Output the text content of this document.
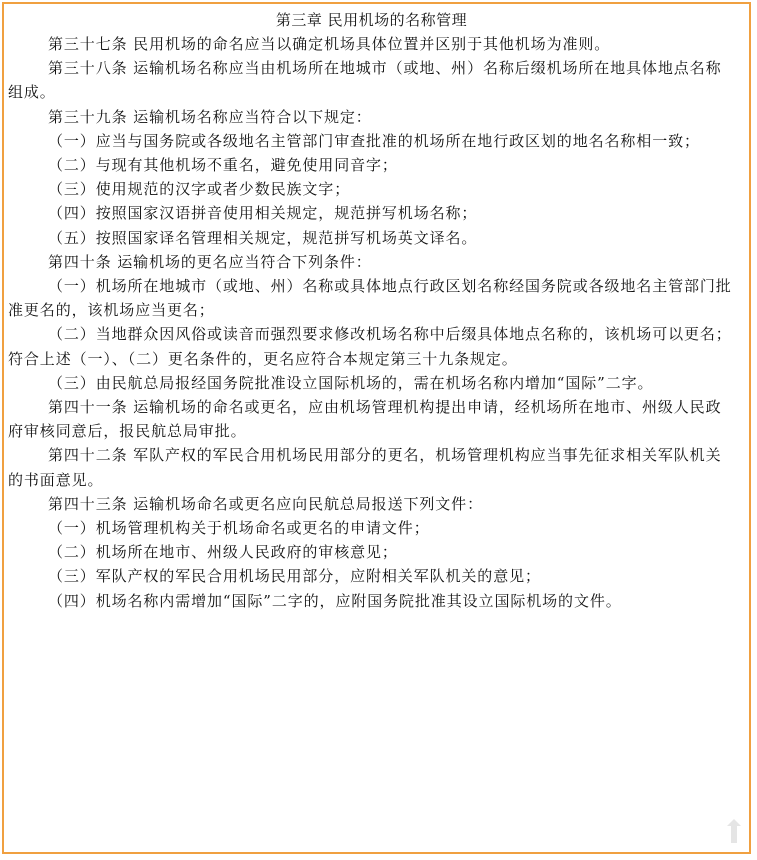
第三章 民用机场的名称管理

第三十七条 民用机场的命名应当以确定机场具体位置并区别于其他机场为准则。

第三十八条 运输机场名称应当由机场所在地城市（或地、州）名称后缀机场所在地具体地点名称组成。

第三十九条 运输机场名称应当符合以下规定：

（一）应当与国务院或各级地名主管部门审查批准的机场所在地行政区划的地名名称相一致；

（二）与现有其他机场不重名，避免使用同音字；

（三）使用规范的汉字或者少数民族文字；

（四）按照国家汉语拼音使用相关规定，规范拼写机场名称；

（五）按照国家译名管理相关规定，规范拼写机场英文译名。

第四十条 运输机场的更名应当符合下列条件：

（一）机场所在地城市（或地、州）名称或具体地点行政区划名称经国务院或各级地名主管部门批准更名的，该机场应当更名；

（二）当地群众因风俗或读音而强烈要求修改机场名称中后缀具体地点名称的，该机场可以更名；

符合上述（一）、（二）更名条件的，更名应符合本规定第三十九条规定。

（三）由民航总局报经国务院批准设立国际机场的，需在机场名称内增加“国际”二字。

第四十一条 运输机场的命名或更名，应由机场管理机构提出申请，经机场所在地市、州级人民政府审核同意后，报民航总局审批。

第四十二条 军队产权的军民合用机场民用部分的更名，机场管理机构应当事先征求相关军队机关的书面意见。

第四十三条 运输机场命名或更名应向民航总局报送下列文件：

（一）机场管理机构关于机场命名或更名的申请文件；

（二）机场所在地市、州级人民政府的审核意见；

（三）军队产权的军民合用机场民用部分，应附相关军队机关的意见；

（四）机场名称内需增加“国际”二字的，应附国务院批准其设立国际机场的文件。
